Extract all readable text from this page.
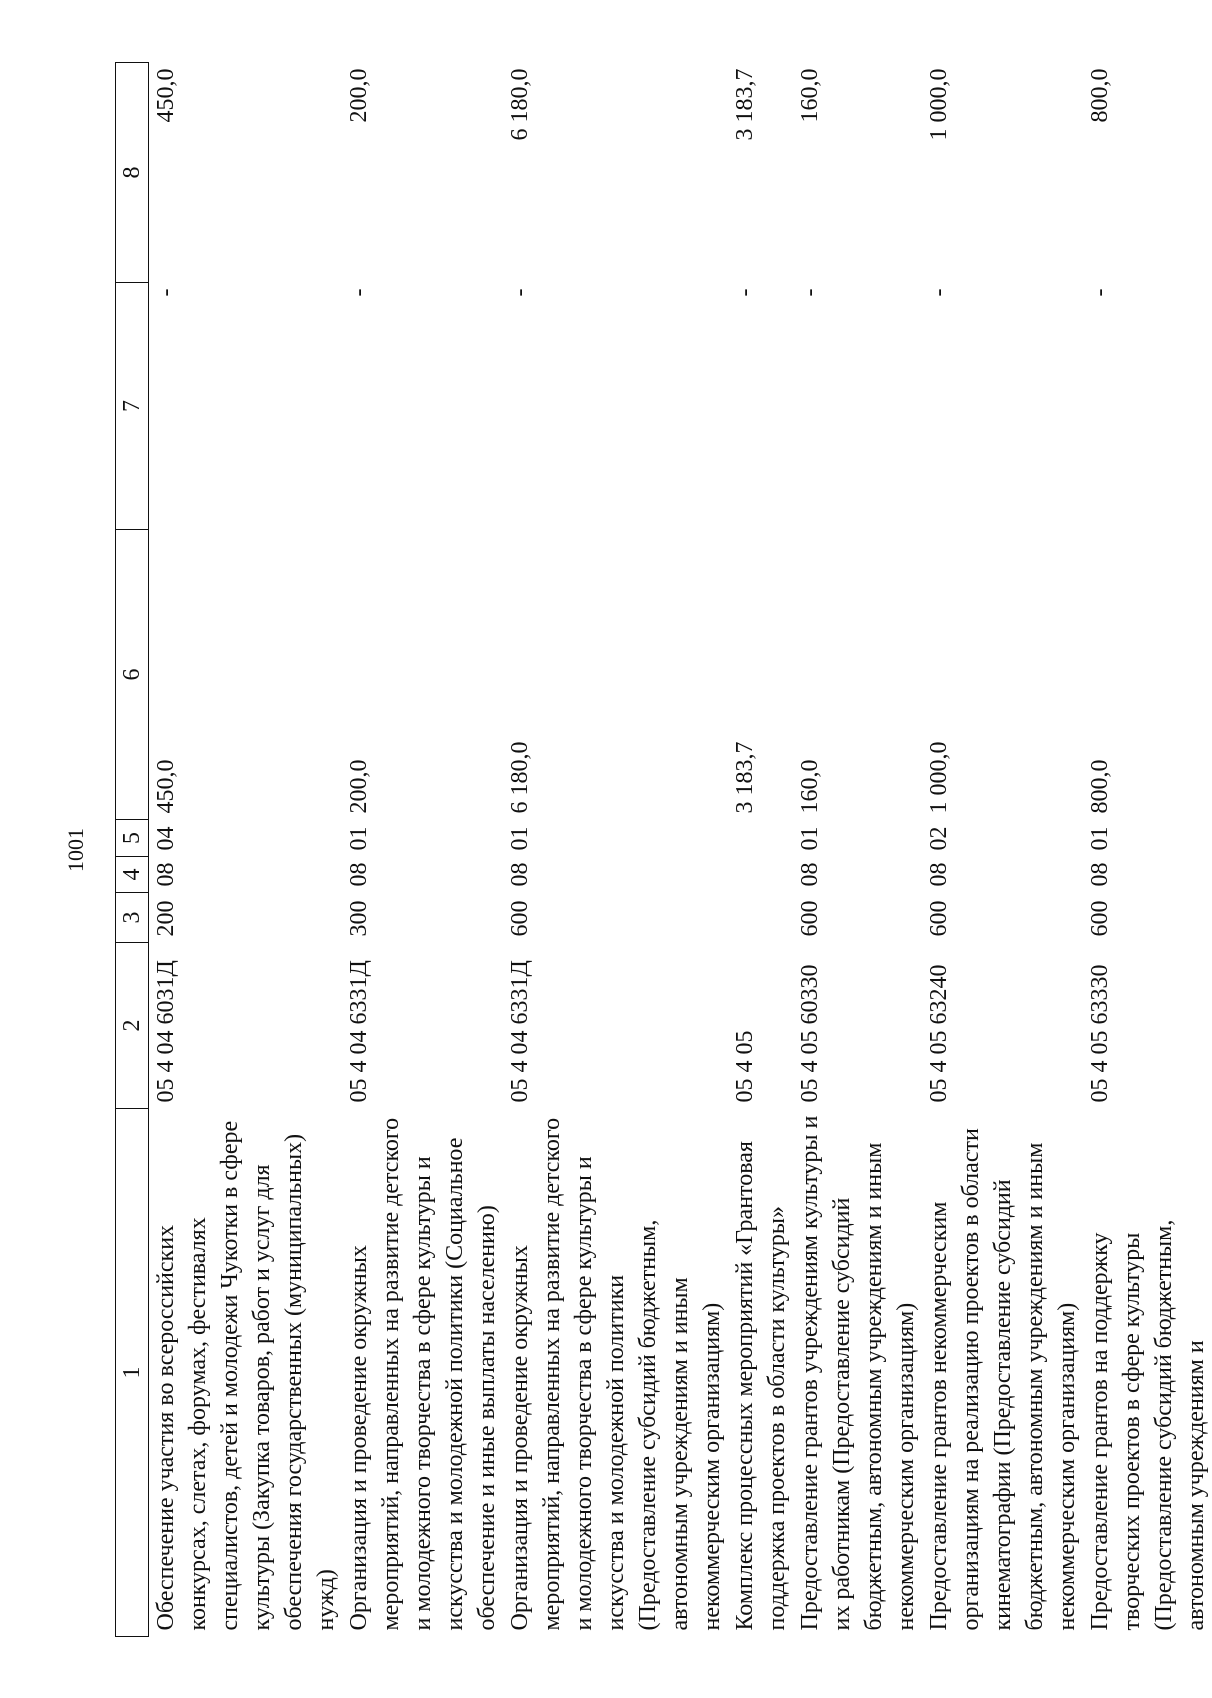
1001
1	2	3	4	5	6	7	8
Обеспечение участия во всероссийских конкурсах, слетах, форумах, фестивалях специалистов, детей и молодежи Чукотки в сфере культуры (Закупка товаров, работ и услуг для обеспечения государственных (муниципальных) нужд)	05 4 04 6031Д	200	08	04	450,0	-	450,0
Организация и проведение окружных мероприятий, направленных на развитие детского и молодежного творчества в сфере культуры и искусства и молодежной политики (Социальное обеспечение и иные выплаты населению)	05 4 04 6331Д	300	08	01	200,0	-	200,0
Организация и проведение окружных мероприятий, направленных на развитие детского и молодежного творчества в сфере культуры и искусства и молодежной политики (Предоставление субсидий бюджетным, автономным учреждениям и иным некоммерческим организациям)	05 4 04 6331Д	600	08	01	6 180,0	-	6 180,0
Комплекс процессных мероприятий «Грантовая поддержка проектов в области культуры»	05 4 05				3 183,7	-	3 183,7
Предоставление грантов учреждениям культуры и их работникам (Предоставление субсидий бюджетным, автономным учреждениям и иным некоммерческим организациям)	05 4 05 60330	600	08	01	160,0	-	160,0
Предоставление грантов некоммерческим организациям на реализацию проектов в области кинематографии (Предоставление субсидий бюджетным, автономным учреждениям и иным некоммерческим организациям)	05 4 05 63240	600	08	02	1 000,0	-	1 000,0
Предоставление грантов на поддержку творческих проектов в сфере культуры (Предоставление субсидий бюджетным, автономным учреждениям и	05 4 05 63330	600	08	01	800,0	-	800,0
